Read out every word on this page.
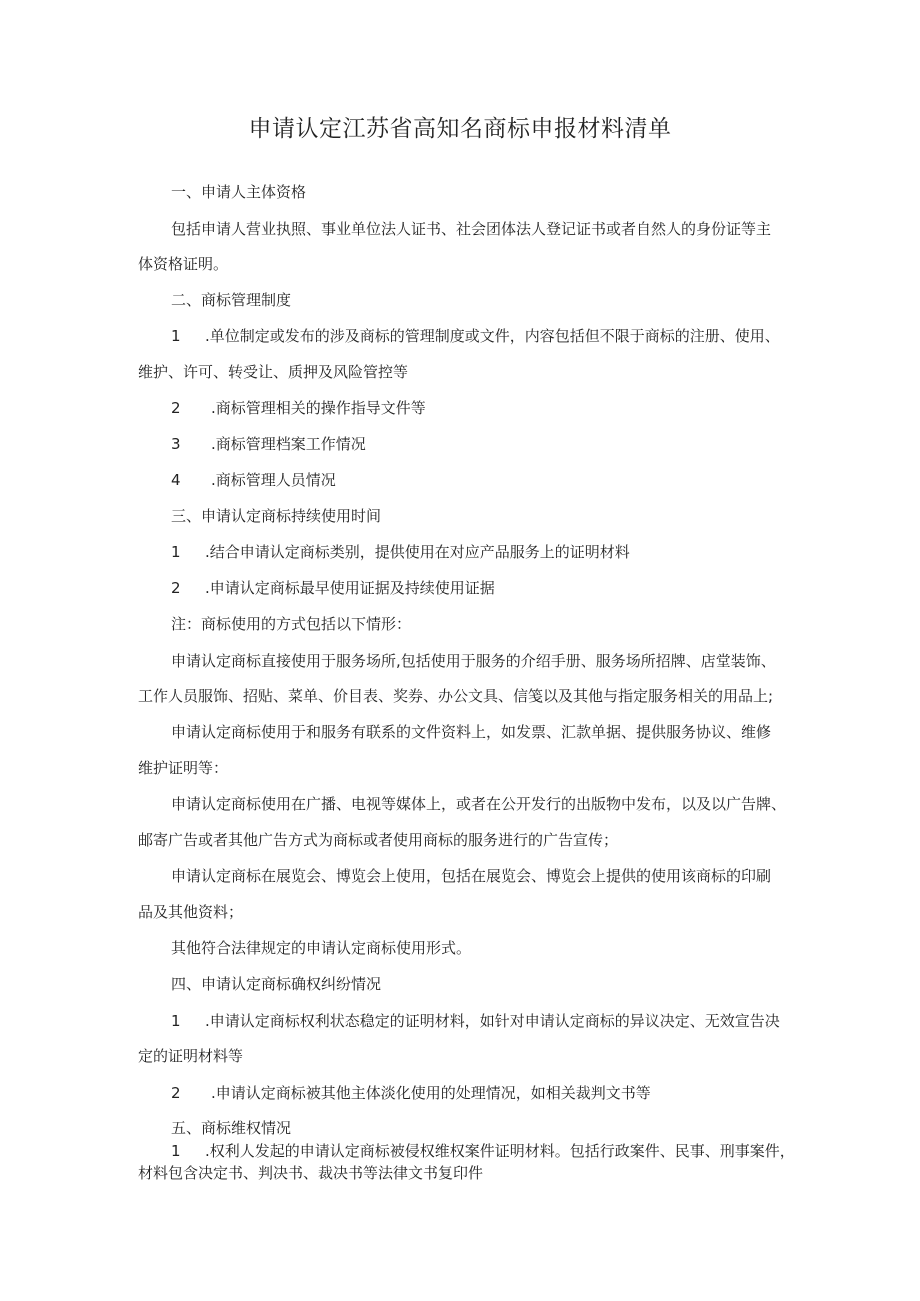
申请认定江苏省高知名商标申报材料清单
一、申请人主体资格
包括申请人营业执照、事业单位法人证书、社会团体法人登记证书或者自然人的身份证等主
体资格证明。
二、商标管理制度
1 .单位制定或发布的涉及商标的管理制度或文件，内容包括但不限于商标的注册、使用、
维护、许可、转受让、质押及风险管控等
2 .商标管理相关的操作指导文件等
3 .商标管理档案工作情况
4 .商标管理人员情况
三、申请认定商标持续使用时间
1 .结合申请认定商标类别，提供使用在对应产品服务上的证明材料
2 .申请认定商标最早使用证据及持续使用证据
注：商标使用的方式包括以下情形：
申请认定商标直接使用于服务场所,包括使用于服务的介绍手册、服务场所招牌、店堂装饰、
工作人员服饰、招贴、菜单、价目表、奖券、办公文具、信笺以及其他与指定服务相关的用品上;
申请认定商标使用于和服务有联系的文件资料上，如发票、汇款单据、提供服务协议、维修
维护证明等：
申请认定商标使用在广播、电视等媒体上，或者在公开发行的出版物中发布，以及以广告牌、
邮寄广告或者其他广告方式为商标或者使用商标的服务进行的广告宣传；
申请认定商标在展览会、博览会上使用，包括在展览会、博览会上提供的使用该商标的印刷
品及其他资料；
其他符合法律规定的申请认定商标使用形式。
四、申请认定商标确权纠纷情况
1 .申请认定商标权利状态稳定的证明材料，如针对申请认定商标的异议决定、无效宣告决
定的证明材料等
2 .申请认定商标被其他主体淡化使用的处理情况，如相关裁判文书等
五、商标维权情况
1 .权利人发起的申请认定商标被侵权维权案件证明材料。包括行政案件、民事、刑事案件，
材料包含决定书、判决书、裁决书等法律文书复印件
